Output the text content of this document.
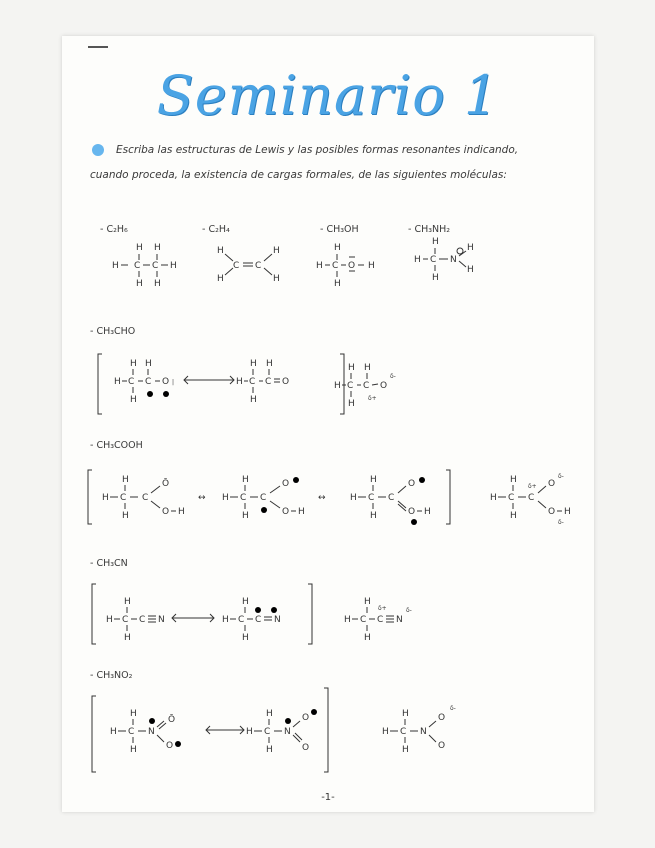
Seminario 1

Escriba las estructuras de Lewis y las posibles formas resonantes indicando, cuando proceda, la existencia de cargas formales, de las siguientes moléculas:

- C₂H₆	- C₂H₄	- CH₃OH	- CH₃NH₂
- CH₃CHO
- CH₃COOH
- CH₃CN
- CH₃NO₂
H H
H C C H
H H
H
H
C C
H
H
H
H C O H
H
H
H C N
H
H
H
H
H C C O |
H
H
H H
H C C O
H
H H
H C C O
δ-
H
δ+
H
H C C
Ō
O H
H
↔
H
H C C
O
O H
H
↔
H
H C C
O
O H
H
H
H C C
δ+ O
δ-
O H
δ-
H
H
H C C N
H
H
H C C N
H
H
H C C
δ+
N
δ-
H
H
H C N
Ō
O
H
H
H C N
O
O
H
H
H C N
O
δ-
O
H
-1-
